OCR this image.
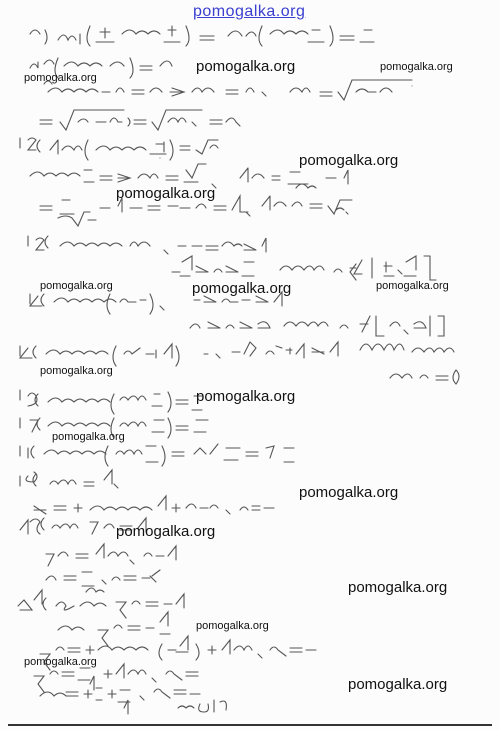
pomogalka.org
pomogalka.org	pomogalka.org
pomogalka.org
pomogalka.org
pomogalka.org
pomogalka.org	pomogalka.org	pomogalka.org
pomogalka.org
pomogalka.org
pomogalka.org
pomogalka.org
pomogalka.org
pomogalka.org
pomogalka.org
pomogalka.org
pomogalka.org
